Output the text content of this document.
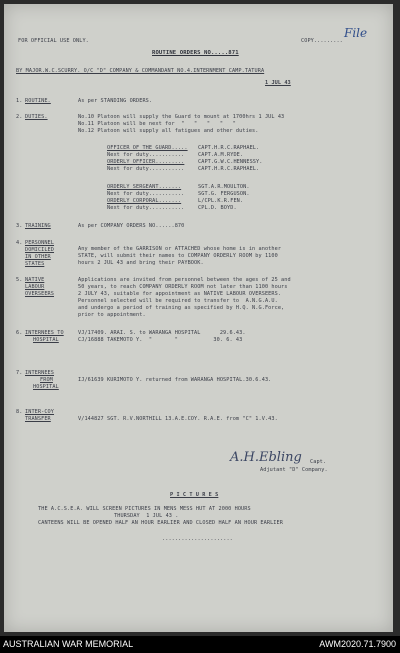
FOR OFFICIAL USE ONLY.	COPY.........
File
ROUTINE ORDERS NO.....871
BY MAJOR.W.C.SCURRY. O/C "D" COMPANY & COMMANDANT NO.4.INTERNMENT CAMP.TATURA
1 JUL 43
1. ROUTINE.	As per STANDING ORDERS.
2. DUTIES.	No.10 Platoon will supply the Guard to mount at 1700hrs 1 JUL 43
No.11 Platoon will be next for  "   "   "   "   "
No.12 Platoon will supply all fatigues and other duties.
OFFICER OF THE GUARD..... CAPT.H.R.C.RAPHAEL.
Next for duty...........	CAPT.A.M.RYDE.
ORDERLY OFFICER.........	CAPT.G.W.C.HENNESSY.
Next for duty...........	CAPT.H.R.C.RAPHAEL.
ORDERLY SERGEANT.......	SGT.A.R.MOULTON.
Next for duty...........	SGT.G. FERGUSON.
ORDERLY CORPORAL.......	L/CPL.K.R.FEN.
Next for duty...........	CPL.D. BOYD.
3. TRAINING	As per COMPANY ORDERS NO......870
4. PERSONNEL
DOMICILED
IN OTHER
STATES
Any member of the GARRISON or ATTACHED whose home is in another
STATE, will submit their names to COMPANY ORDERLY ROOM by 1100
hours 2 JUL 43 and bring their PAYBOOK.
5. NATIVE
LABOUR
OVERSEERS
Applications are invited from personnel between the ages of 25 and
50 years, to reach COMPANY ORDERLY ROOM not later than 1100 hours
2 JULY 43, suitable for appointment as NATIVE LABOUR OVERSEERS.
Personnel selected will be required to transfer to  A.N.G.A.U.
and undergo a period of training as specified by H.Q. N.G.Force,
prior to appointment.
6. INTERNEES TO
HOSPITAL
VJ/17409. ARAI. S. to WARANGA HOSPITAL      29.6.43.
CJ/16888 TAKEMOTO Y.  "       "           30. 6. 43
7. INTERNEES
FROM
HOSPITAL
IJ/61639 KURIMOTO Y. returned from WARANGA HOSPITAL.30.6.43.
8. INTER-COY
TRANSFER	V/144827 SGT. R.V.NORTHILL 13.A.E.COY. R.A.E. from "C" 1.V.43.
A.H.Ebling Capt.
Adjutant "D" Company.
P I C T U R E S
THE A.C.S.E.A. WILL SCREEN PICTURES IN MENS MESS HUT AT 2000 HOURS
THURSDAY  1 JUL 43 .
CANTEENS WILL BE OPENED HALF AN HOUR EARLIER AND CLOSED HALF AN HOUR EARLIER
......................
AUSTRALIAN WAR MEMORIAL	AWM2020.71.7900
